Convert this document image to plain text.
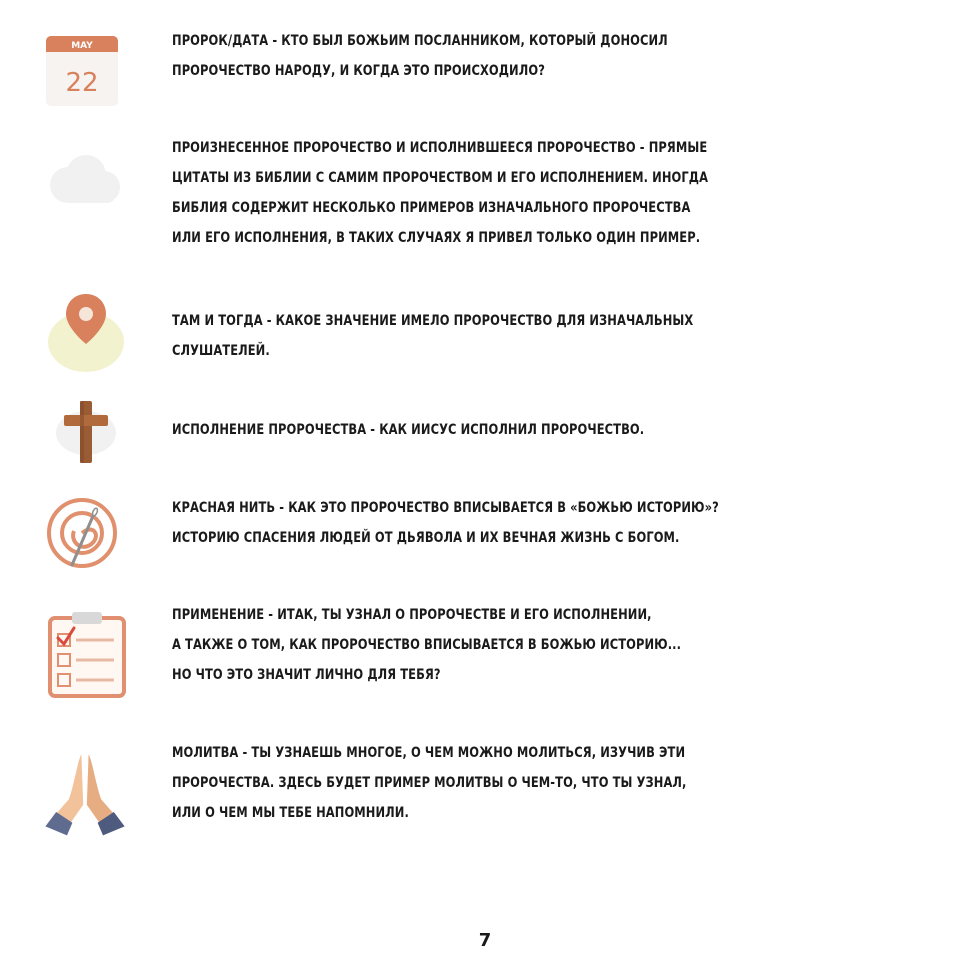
MAY
22
ПРОРОК/ДАТА - КТО БЫЛ БОЖЬИМ ПОСЛАННИКОМ, КОТОРЫЙ ДОНОСИЛ
ПРОРОЧЕСТВО НАРОДУ, И КОГДА ЭТО ПРОИСХОДИЛО?
ПРОИЗНЕСЕННОЕ ПРОРОЧЕСТВО И ИСПОЛНИВШЕЕСЯ ПРОРОЧЕСТВО - ПРЯМЫЕ
ЦИТАТЫ ИЗ БИБЛИИ С САМИМ ПРОРОЧЕСТВОМ И ЕГО ИСПОЛНЕНИЕМ. ИНОГДА
БИБЛИЯ СОДЕРЖИТ НЕСКОЛЬКО ПРИМЕРОВ ИЗНАЧАЛЬНОГО ПРОРОЧЕСТВА
ИЛИ ЕГО ИСПОЛНЕНИЯ, В ТАКИХ СЛУЧАЯХ Я ПРИВЕЛ ТОЛЬКО ОДИН ПРИМЕР.
ТАМ И ТОГДА - КАКОЕ ЗНАЧЕНИЕ ИМЕЛО ПРОРОЧЕСТВО ДЛЯ ИЗНАЧАЛЬНЫХ
СЛУШАТЕЛЕЙ.
ИСПОЛНЕНИЕ ПРОРОЧЕСТВА - КАК ИИСУС ИСПОЛНИЛ ПРОРОЧЕСТВО.
КРАСНАЯ НИТЬ - КАК ЭТО ПРОРОЧЕСТВО ВПИСЫВАЕТСЯ В «БОЖЬЮ ИСТОРИЮ»?
ИСТОРИЮ СПАСЕНИЯ ЛЮДЕЙ ОТ ДЬЯВОЛА И ИХ ВЕЧНАЯ ЖИЗНЬ С БОГОМ.
ПРИМЕНЕНИЕ - ИТАК, ТЫ УЗНАЛ О ПРОРОЧЕСТВЕ И ЕГО ИСПОЛНЕНИИ,
А ТАКЖЕ О ТОМ, КАК ПРОРОЧЕСТВО ВПИСЫВАЕТСЯ В БОЖЬЮ ИСТОРИЮ...
НО ЧТО ЭТО ЗНАЧИТ ЛИЧНО ДЛЯ ТЕБЯ?
МОЛИТВА - ТЫ УЗНАЕШЬ МНОГОЕ, О ЧЕМ МОЖНО МОЛИТЬСЯ, ИЗУЧИВ ЭТИ
ПРОРОЧЕСТВА. ЗДЕСЬ БУДЕТ ПРИМЕР МОЛИТВЫ О ЧЕМ-ТО, ЧТО ТЫ УЗНАЛ,
ИЛИ О ЧЕМ МЫ ТЕБЕ НАПОМНИЛИ.
7
